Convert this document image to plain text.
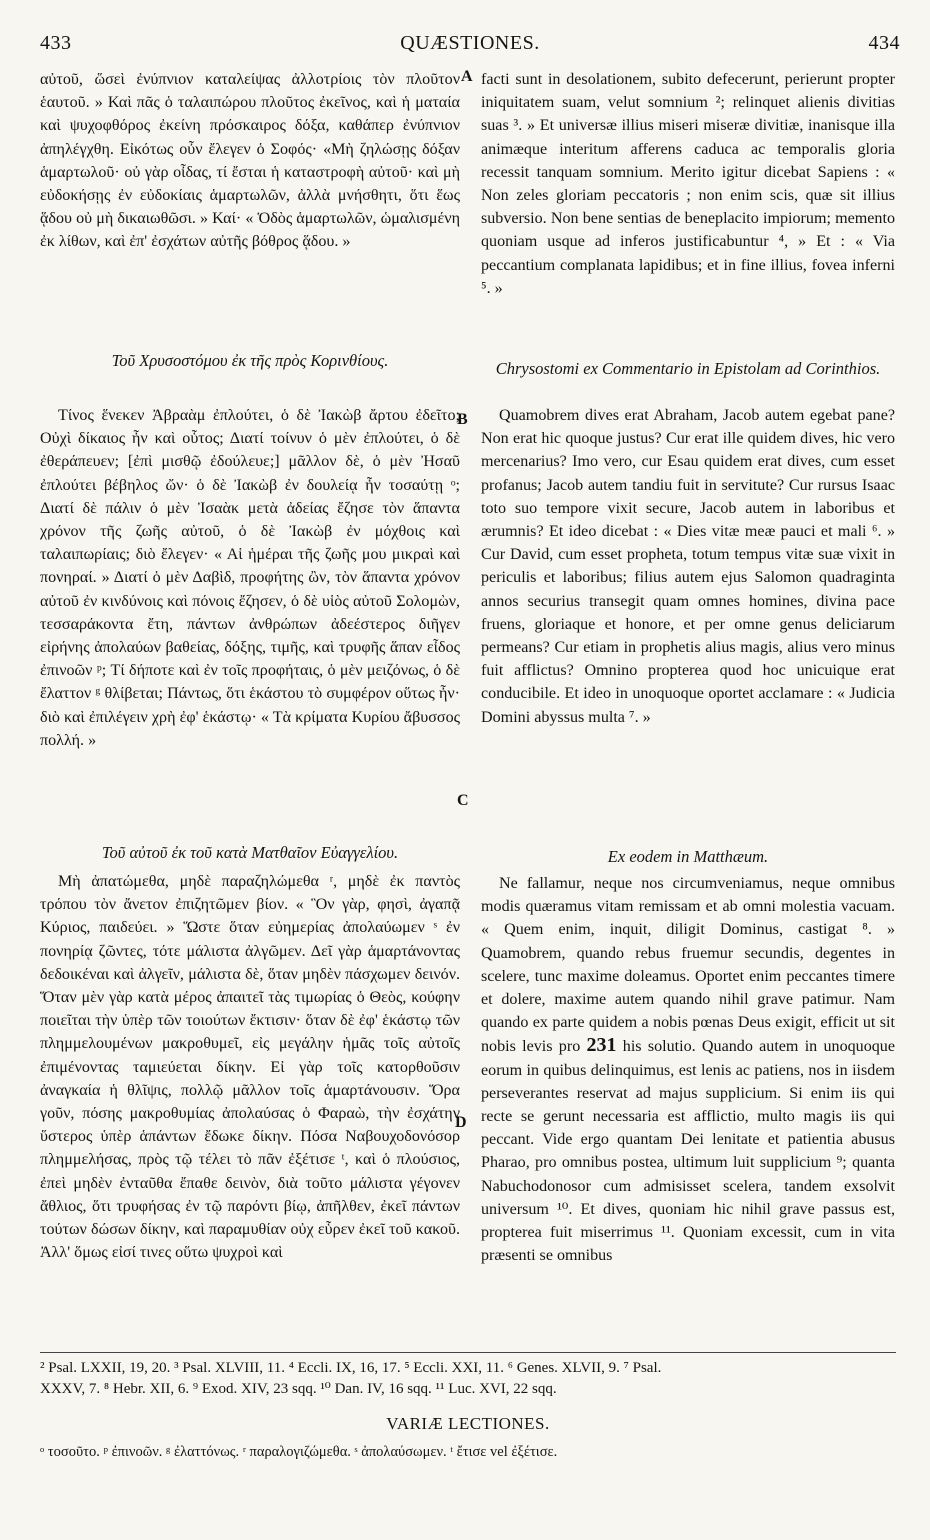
433	QUÆSTIONES.	434

αὐτοῦ, ὥσεὶ ἐνύπνιον καταλείψας ἀλλοτρίοις τὸν πλοῦτον ἑαυτοῦ. » Καὶ πᾶς ὁ ταλαιπώρου πλοῦτος ἐκεῖνος, καὶ ἡ ματαία καὶ ψυχοφθόρος ἐκείνη πρόσκαιρος δόξα, καθάπερ ἐνύπνιον ἀπηλέγχθη. Εἰκότως οὖν ἔλεγεν ὁ Σοφός· «Μὴ ζηλώσῃς δόξαν ἁμαρτωλοῦ· οὐ γὰρ οἶδας, τί ἔσται ἡ καταστροφὴ αὐτοῦ· καὶ μὴ εὐδοκήσῃς ἐν εὐδοκίαις ἁμαρτωλῶν, ἀλλὰ μνήσθητι, ὅτι ἕως ᾅδου οὐ μὴ δικαιωθῶσι. » Καί· « Ὁδὸς ἁμαρτωλῶν, ὡμαλισμένη ἐκ λίθων, καὶ ἐπ' ἐσχάτων αὐτῆς βόθρος ᾅδου. »

Τοῦ Χρυσοστόμου ἐκ τῆς πρὸς Κορινθίους.

Τίνος ἕνεκεν Ἀβραὰμ ἐπλούτει, ὁ δὲ Ἰακὼβ ἄρτου ἐδεῖτο; Οὐχὶ δίκαιος ἦν καὶ οὗτος; Διατί τοίνυν ὁ μὲν ἐπλούτει, ὁ δὲ ἐθεράπευεν; [ἐπὶ μισθῷ ἐδούλευε;] μᾶλλον δὲ, ὁ μὲν Ἠσαῦ ἐπλούτει βέβηλος ὤν· ὁ δὲ Ἰακὼβ ἐν δουλείᾳ ἦν τοσαύτῃ ᵒ; Διατί δὲ πάλιν ὁ μὲν Ἰσαὰκ μετὰ ἀδείας ἔζησε τὸν ἅπαντα χρόνον τῆς ζωῆς αὐτοῦ, ὁ δὲ Ἰακὼβ ἐν μόχθοις καὶ ταλαιπωρίαις; διὸ ἔλεγεν· « Αἱ ἡμέραι τῆς ζωῆς μου μικραὶ καὶ πονηραί. » Διατί ὁ μὲν Δαβὶδ, προφήτης ὢν, τὸν ἅπαντα χρόνον αὐτοῦ ἐν κινδύνοις καὶ πόνοις ἔζησεν, ὁ δὲ υἱὸς αὐτοῦ Σολομὼν, τεσσαράκοντα ἔτη, πάντων ἀνθρώπων ἀδεέστερος διῆγεν εἰρήνης ἀπολαύων βαθείας, δόξης, τιμῆς, καὶ τρυφῆς ἅπαν εἶδος ἐπινοῶν ᵖ; Τί δήποτε καὶ ἐν τοῖς προφήταις, ὁ μὲν μειζόνως, ὁ δὲ ἔλαττον ᵍ θλίβεται; Πάντως, ὅτι ἑκάστου τὸ συμφέρον οὕτως ἦν· διὸ καὶ ἐπιλέγειν χρὴ ἐφ' ἑκάστῳ· « Τὰ κρίματα Κυρίου ἄβυσσος πολλή. »

Τοῦ αὐτοῦ ἐκ τοῦ κατὰ Ματθαῖον Εὐαγγελίου.

Μὴ ἀπατώμεθα, μηδὲ παραζηλώμεθα ʳ, μηδὲ ἐκ παντὸς τρόπου τὸν ἄνετον ἐπιζητῶμεν βίον. « Ὃν γὰρ, φησὶ, ἀγαπᾷ Κύριος, παιδεύει. » Ὥστε ὅταν εὐημερίας ἀπολαύωμεν ˢ ἐν πονηρίᾳ ζῶντες, τότε μάλιστα ἀλγῶμεν. Δεῖ γὰρ ἁμαρτάνοντας δεδοικέναι καὶ ἀλγεῖν, μάλιστα δὲ, ὅταν μηδὲν πάσχωμεν δεινόν. Ὅταν μὲν γὰρ κατὰ μέρος ἀπαιτεῖ τὰς τιμωρίας ὁ Θεὸς, κούφην ποιεῖται τὴν ὑπὲρ τῶν τοιούτων ἔκτισιν· ὅταν δὲ ἐφ' ἑκάστῳ τῶν πλημμελουμένων μακροθυμεῖ, εἰς μεγάλην ἡμᾶς τοῖς αὐτοῖς ἐπιμένοντας ταμιεύεται δίκην. Εἰ γὰρ τοῖς κατορθοῦσιν ἀναγκαία ἡ θλῖψις, πολλῷ μᾶλλον τοῖς ἁμαρτάνουσιν. Ὅρα γοῦν, πόσης μακροθυμίας ἀπολαύσας ὁ Φαραὼ, τὴν ἐσχάτην ὕστερος ὑπὲρ ἁπάντων ἔδωκε δίκην. Πόσα Ναβουχοδονόσορ πλημμελήσας, πρὸς τῷ τέλει τὸ πᾶν ἐξέτισε ᵗ, καὶ ὁ πλούσιος, ἐπεὶ μηδὲν ἐνταῦθα ἔπαθε δεινὸν, διὰ τοῦτο μάλιστα γέγονεν ἄθλιος, ὅτι τρυφήσας ἐν τῷ παρόντι βίῳ, ἀπῆλθεν, ἐκεῖ πάντων τούτων δώσων δίκην, καὶ παραμυθίαν οὐχ εὗρεν ἐκεῖ τοῦ κακοῦ. Ἀλλ' ὅμως εἰσί τινες οὕτω ψυχροὶ καὶ

A
B
C
D

facti sunt in desolationem, subito defecerunt, perierunt propter iniquitatem suam, velut somnium ²; relinquet alienis divitias suas ³. » Et universæ illius miseri miseræ divitiæ, inanisque illa animæque interitum afferens caduca ac temporalis gloria recessit tanquam somnium. Merito igitur dicebat Sapiens : « Non zeles gloriam peccatoris ; non enim scis, quæ sit illius subversio. Non bene sentias de beneplacito impiorum; memento quoniam usque ad inferos justificabuntur ⁴, » Et : « Via peccantium complanata lapidibus; et in fine illius, fovea inferni ⁵. »

Chrysostomi ex Commentario in Epistolam ad Corinthios.

Quamobrem dives erat Abraham, Jacob autem egebat pane? Non erat hic quoque justus? Cur erat ille quidem dives, hic vero mercenarius? Imo vero, cur Esau quidem erat dives, cum esset profanus; Jacob autem tandiu fuit in servitute? Cur rursus Isaac toto suo tempore vixit secure, Jacob autem in laboribus et ærumnis? Et ideo dicebat : « Dies vitæ meæ pauci et mali ⁶. » Cur David, cum esset propheta, totum tempus vitæ suæ vixit in periculis et laboribus; filius autem ejus Salomon quadraginta annos securius transegit quam omnes homines, divina pace fruens, gloriaque et honore, et per omne genus deliciarum permeans? Cur etiam in prophetis alius magis, alius vero minus fuit afflictus? Omnino propterea quod hoc unicuique erat conducibile. Et ideo in unoquoque oportet acclamare : « Judicia Domini abyssus multa ⁷. »

Ex eodem in Matthæum.

Ne fallamur, neque nos circumveniamus, neque omnibus modis quæramus vitam remissam et ab omni molestia vacuam. « Quem enim, inquit, diligit Dominus, castigat ⁸. » Quamobrem, quando rebus fruemur secundis, degentes in scelere, tunc maxime doleamus. Oportet enim peccantes timere et dolere, maxime autem quando nihil grave patimur. Nam quando ex parte quidem a nobis pœnas Deus exigit, efficit ut sit nobis levis pro 231 his solutio. Quando autem in unoquoque eorum in quibus delinquimus, est lenis ac patiens, nos in iisdem perseverantes reservat ad majus supplicium. Si enim iis qui recte se gerunt necessaria est afflictio, multo magis iis qui peccant. Vide ergo quantam Dei lenitate et patientia abusus Pharao, pro omnibus postea, ultimum luit supplicium ⁹; quanta Nabuchodonosor cum admisisset scelera, tandem exsolvit universum ¹⁰. Et dives, quoniam hic nihil grave passus est, propterea fuit miserrimus ¹¹. Quoniam excessit, cum in vita præsenti se omnibus

² Psal. LXXII, 19, 20. ³ Psal. XLVIII, 11. ⁴ Eccli. IX, 16, 17. ⁵ Eccli. XXI, 11. ⁶ Genes. XLVII, 9. ⁷ Psal.
XXXV, 7. ⁸ Hebr. XII, 6. ⁹ Exod. XIV, 23 sqq. ¹⁰ Dan. IV, 16 sqq. ¹¹ Luc. XVI, 22 sqq.
VARIÆ LECTIONES.
ᵒ τοσοῦτο. ᵖ ἐπινοῶν. ᵍ ἐλαττόνως. ʳ παραλογιζώμεθα. ˢ ἀπολαύσωμεν. ᵗ ἔτισε vel ἐξέτισε.
